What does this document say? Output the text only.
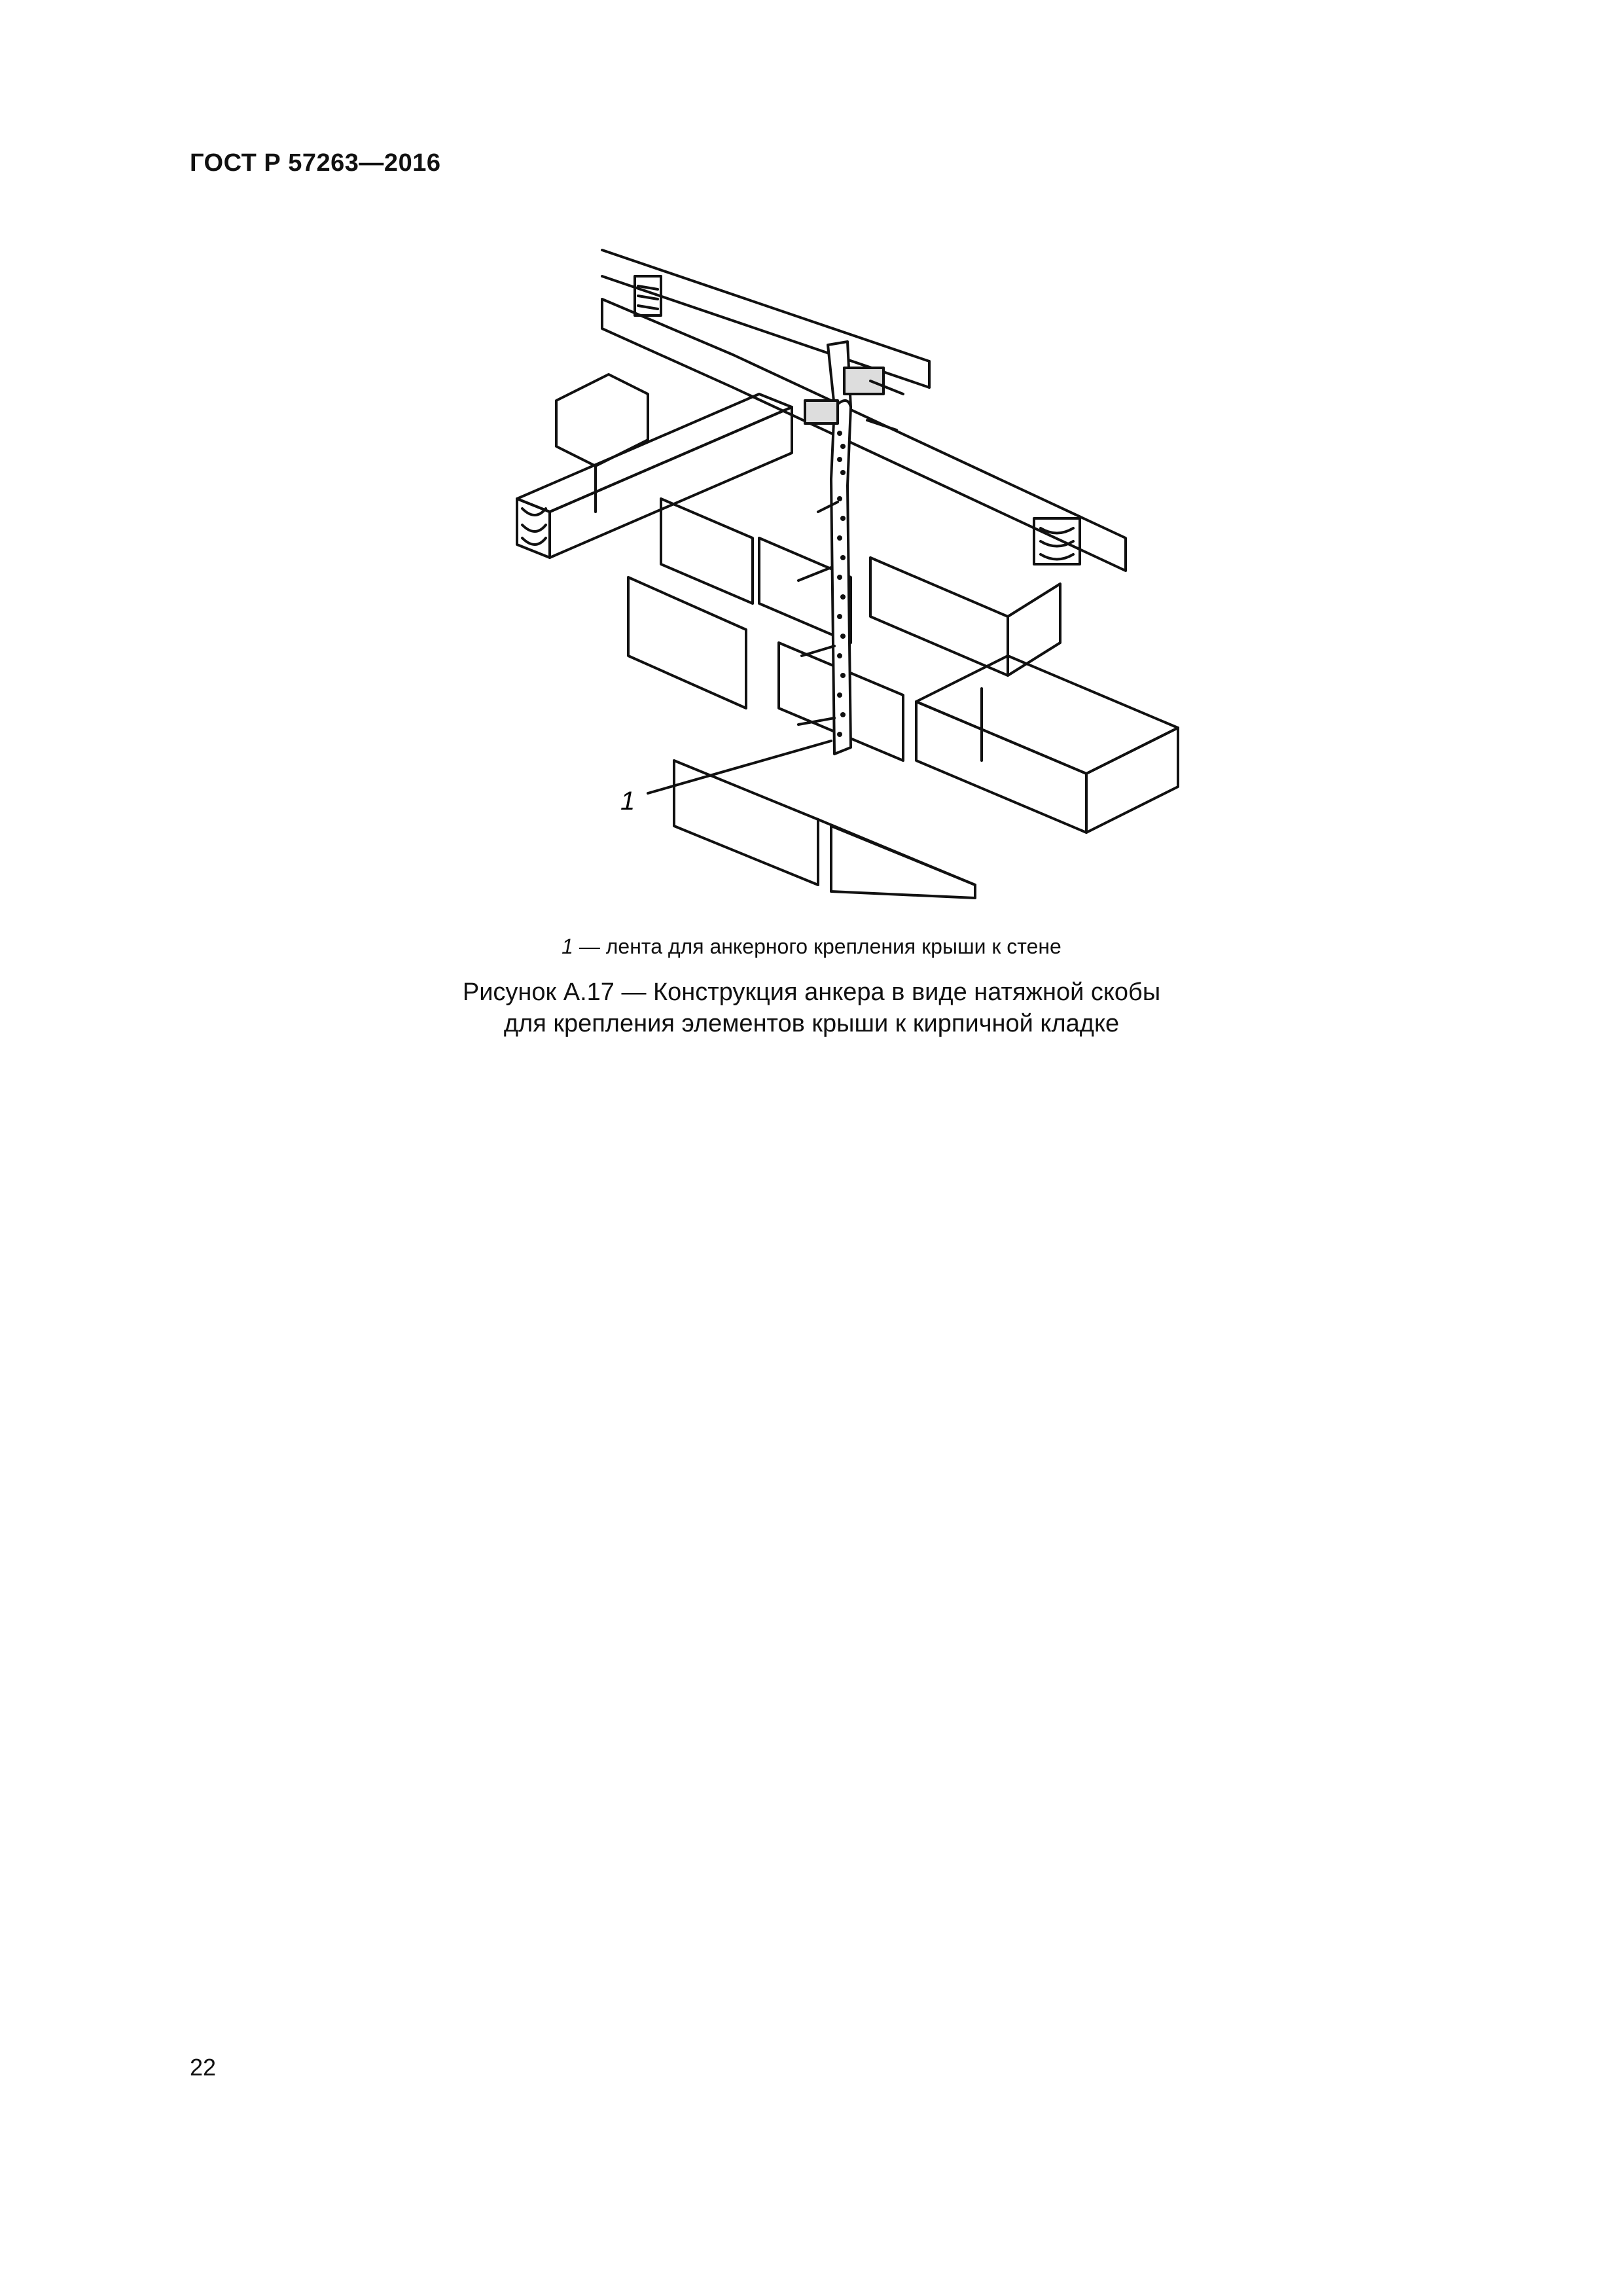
ГОСТ Р 57263—2016
1
1 — лента для анкерного крепления крыши к стене
Рисунок А.17 — Конструкция анкера в виде натяжной скобы
для крепления элементов крыши к кирпичной кладке
22
